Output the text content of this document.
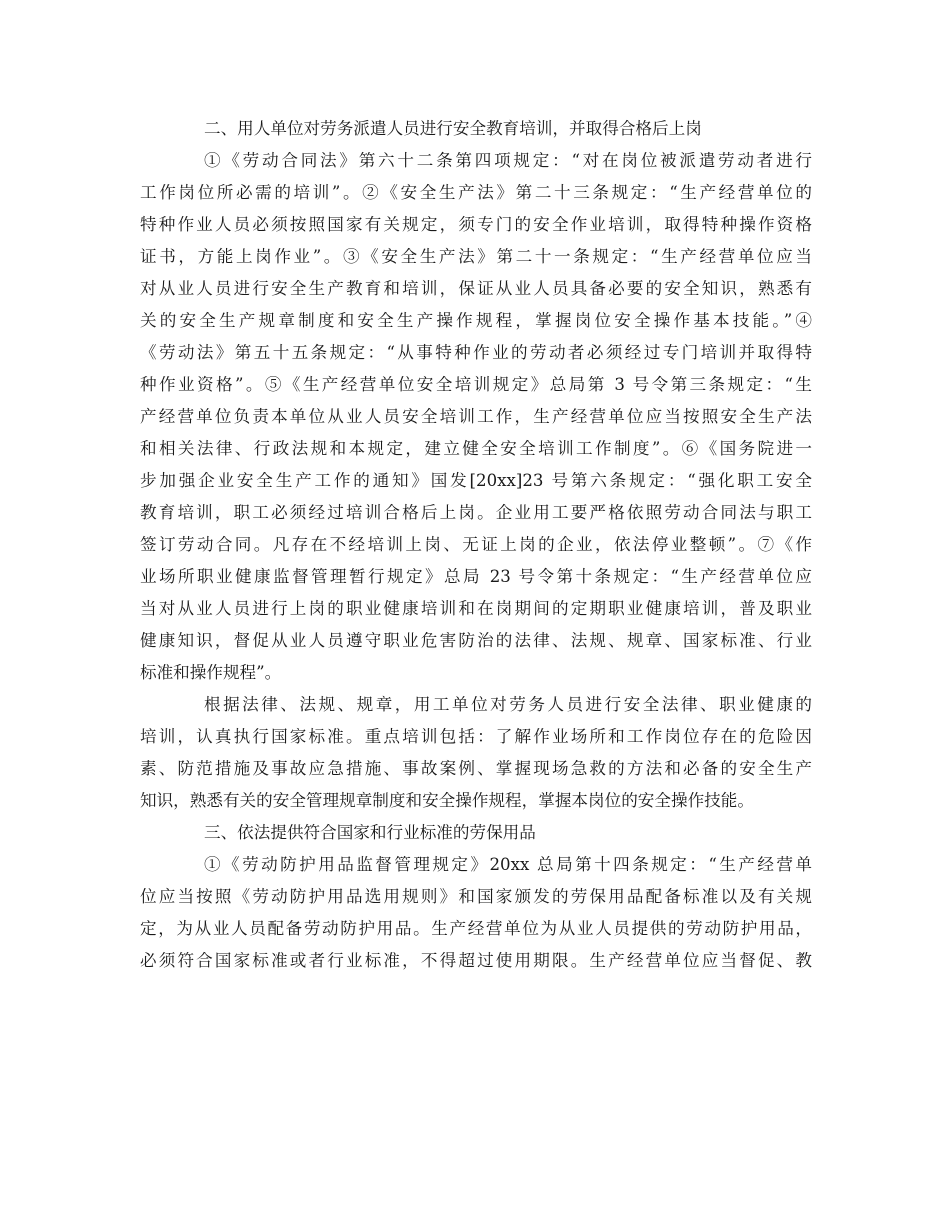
二、用人单位对劳务派遣人员进行安全教育培训，并取得合格后上岗

①《劳动合同法》第六十二条第四项规定：“对在岗位被派遣劳动者进行
工作岗位所必需的培训”。②《安全生产法》第二十三条规定：“生产经营单位的
特种作业人员必须按照国家有关规定，须专门的安全作业培训，取得特种操作资格
证书，方能上岗作业”。③《安全生产法》第二十一条规定：“生产经营单位应当
对从业人员进行安全生产教育和培训，保证从业人员具备必要的安全知识，熟悉有
关的安全生产规章制度和安全生产操作规程，掌握岗位安全操作基本技能。”④
《劳动法》第五十五条规定：“从事特种作业的劳动者必须经过专门培训并取得特
种作业资格”。⑤《生产经营单位安全培训规定》总局第 3 号令第三条规定：“生
产经营单位负责本单位从业人员安全培训工作，生产经营单位应当按照安全生产法
和相关法律、行政法规和本规定，建立健全安全培训工作制度”。⑥《国务院进一
步加强企业安全生产工作的通知》国发[20xx]23 号第六条规定：“强化职工安全
教育培训，职工必须经过培训合格后上岗。企业用工要严格依照劳动合同法与职工
签订劳动合同。凡存在不经培训上岗、无证上岗的企业，依法停业整顿”。⑦《作
业场所职业健康监督管理暂行规定》总局 23 号令第十条规定：“生产经营单位应
当对从业人员进行上岗的职业健康培训和在岗期间的定期职业健康培训，普及职业
健康知识，督促从业人员遵守职业危害防治的法律、法规、规章、国家标准、行业
标准和操作规程”。
根据法律、法规、规章，用工单位对劳务人员进行安全法律、职业健康的
培训，认真执行国家标准。重点培训包括：了解作业场所和工作岗位存在的危险因
素、防范措施及事故应急措施、事故案例、掌握现场急救的方法和必备的安全生产
知识，熟悉有关的安全管理规章制度和安全操作规程，掌握本岗位的安全操作技能。

三、依法提供符合国家和行业标准的劳保用品

①《劳动防护用品监督管理规定》20xx 总局第十四条规定：“生产经营单
位应当按照《劳动防护用品选用规则》和国家颁发的劳保用品配备标准以及有关规
定，为从业人员配备劳动防护用品。生产经营单位为从业人员提供的劳动防护用品，
必须符合国家标准或者行业标准，不得超过使用期限。生产经营单位应当督促、教
